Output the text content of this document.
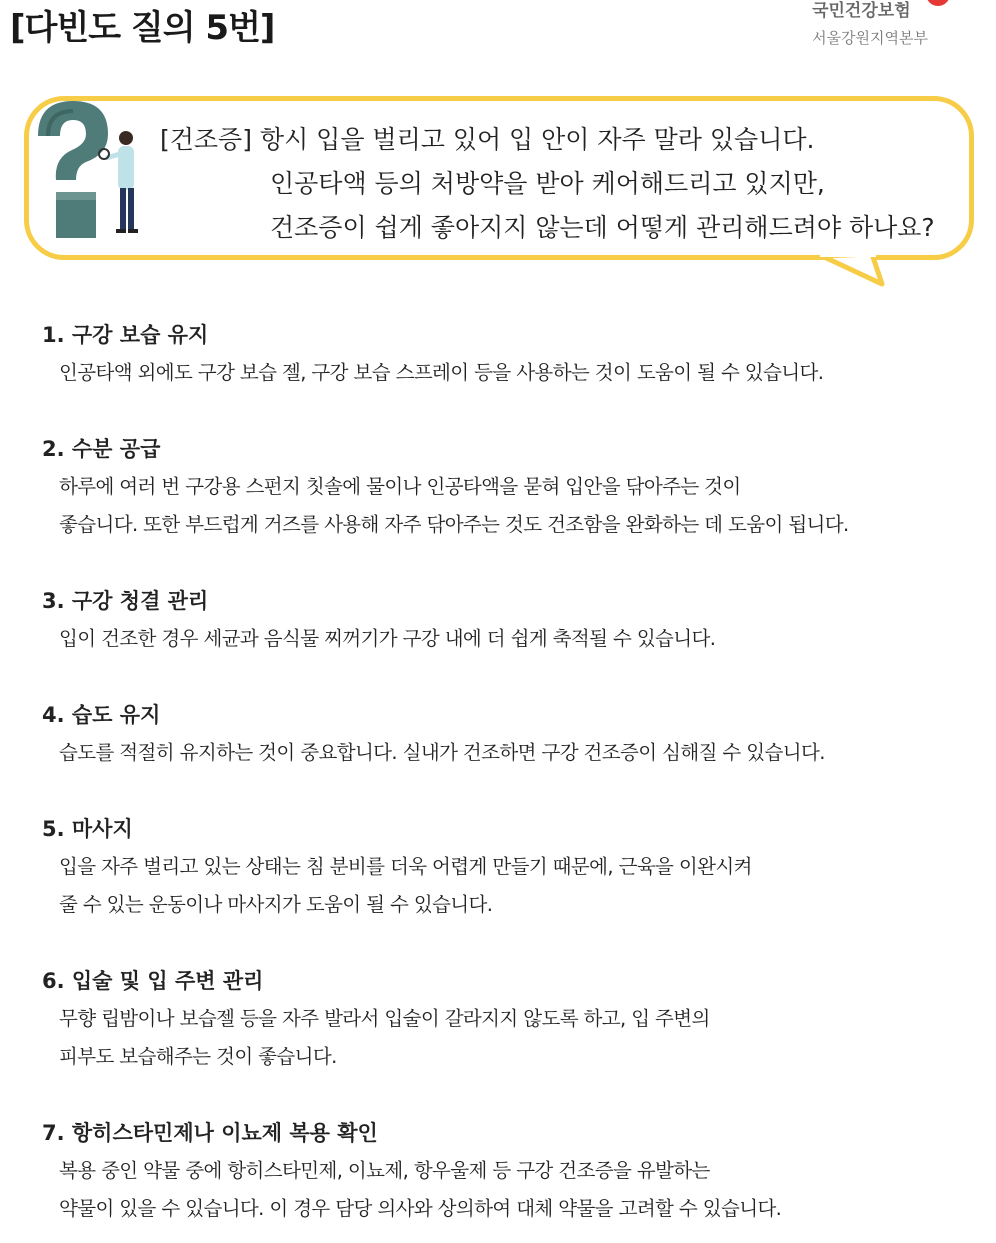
[다빈도 질의 5번]	국민건강보험
서울강원지역본부
[건조증] 항시 입을 벌리고 있어 입 안이 자주 말라 있습니다.
인공타액 등의 처방약을 받아 케어해드리고 있지만,
건조증이 쉽게 좋아지지 않는데 어떻게 관리해드려야 하나요?
1. 구강 보습 유지
인공타액 외에도 구강 보습 젤, 구강 보습 스프레이 등을 사용하는 것이 도움이 될 수 있습니다.
2. 수분 공급
하루에 여러 번 구강용 스펀지 칫솔에 물이나 인공타액을 묻혀 입안을 닦아주는 것이
좋습니다. 또한 부드럽게 거즈를 사용해 자주 닦아주는 것도 건조함을 완화하는 데 도움이 됩니다.
3. 구강 청결 관리
입이 건조한 경우 세균과 음식물 찌꺼기가 구강 내에 더 쉽게 축적될 수 있습니다.
4. 습도 유지
습도를 적절히 유지하는 것이 중요합니다. 실내가 건조하면 구강 건조증이 심해질 수 있습니다.
5. 마사지
입을 자주 벌리고 있는 상태는 침 분비를 더욱 어렵게 만들기 때문에, 근육을 이완시켜
줄 수 있는 운동이나 마사지가 도움이 될 수 있습니다.
6. 입술 및 입 주변 관리
무향 립밤이나 보습젤 등을 자주 발라서 입술이 갈라지지 않도록 하고, 입 주변의
피부도 보습해주는 것이 좋습니다.
7. 항히스타민제나 이뇨제 복용 확인
복용 중인 약물 중에 항히스타민제, 이뇨제, 항우울제 등 구강 건조증을 유발하는
약물이 있을 수 있습니다. 이 경우 담당 의사와 상의하여 대체 약물을 고려할 수 있습니다.
